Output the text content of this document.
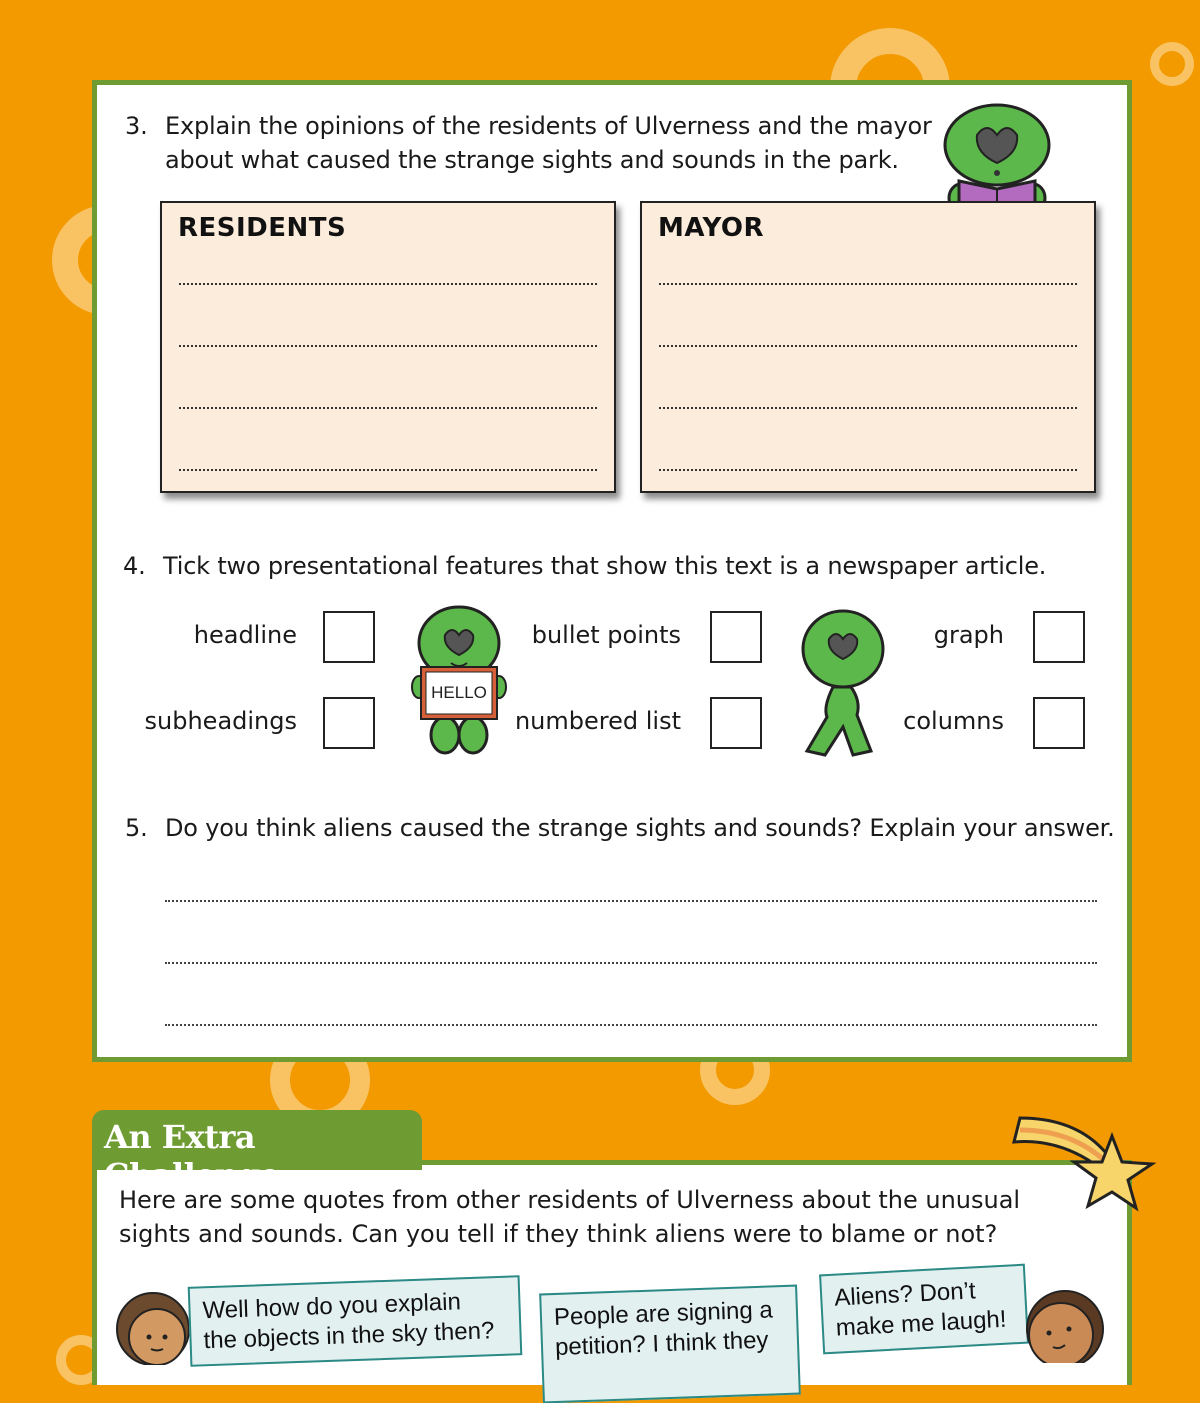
3. Explain the opinions of the residents of Ulverness and the mayor
about what caused the strange sights and sounds in the park.
RESIDENTS	MAYOR
4. Tick two presentational features that show this text is a newspaper article.
headline
subheadings
HELLO
bullet points
numbered list
graph
columns
5. Do you think aliens caused the strange sights and sounds? Explain your answer.
Here are some quotes from other residents of Ulverness about the unusual
sights and sounds. Can you tell if they think aliens were to blame or not?
Well how do you explain
the objects in the sky then?
People are signing a
petition? I think they
Aliens? Don’t
make me laugh!
An Extra Challenge
